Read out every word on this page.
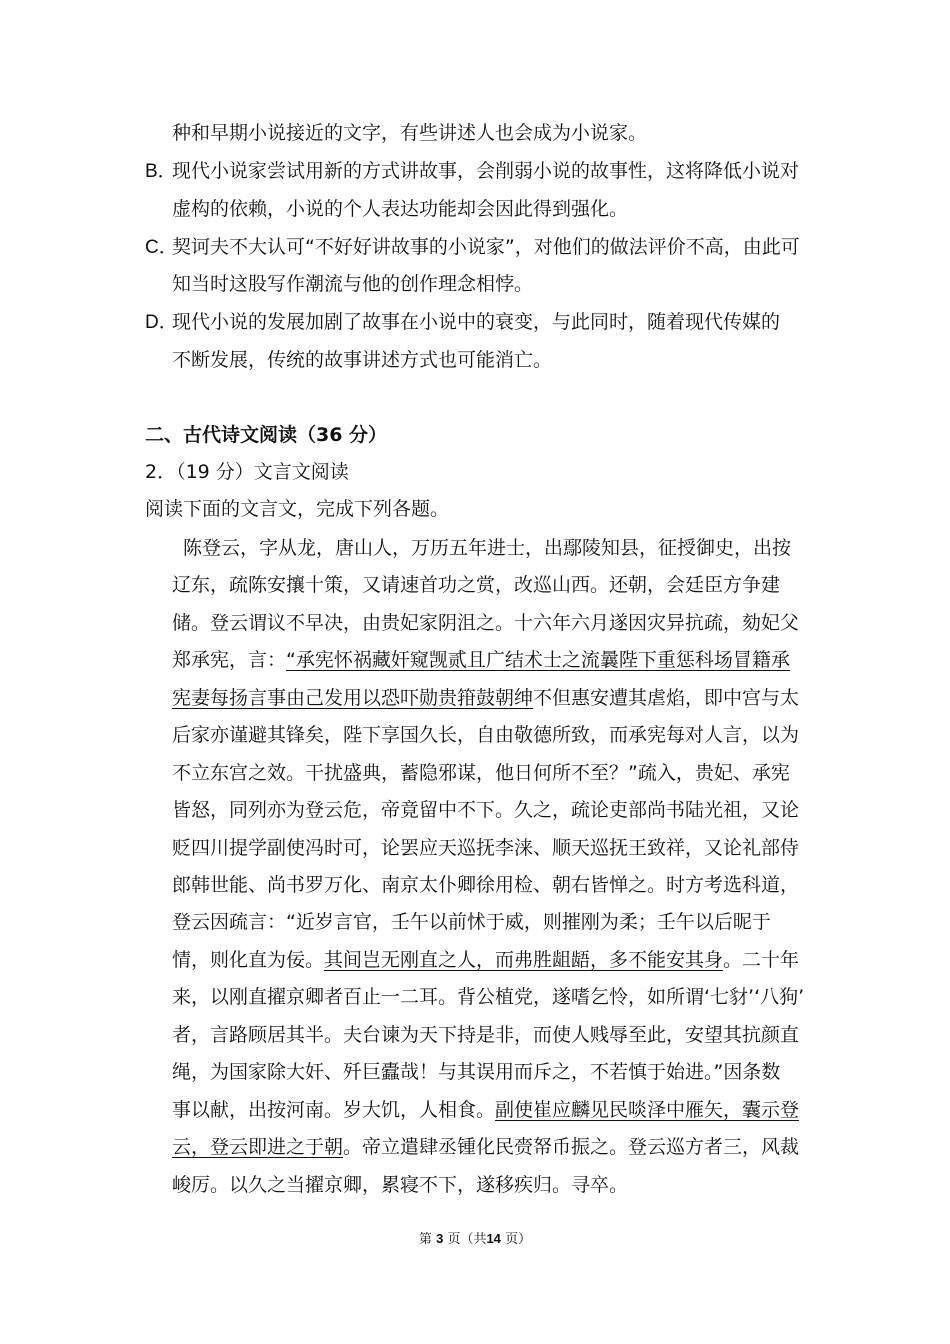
种和早期小说接近的文字，有些讲述人也会成为小说家。
B．现代小说家尝试用新的方式讲故事，会削弱小说的故事性，这将降低小说对
虚构的依赖，小说的个人表达功能却会因此得到强化。
C．契诃夫不大认可“不好好讲故事的小说家”，对他们的做法评价不高，由此可
知当时这股写作潮流与他的创作理念相悖。
D．现代小说的发展加剧了故事在小说中的衰变，与此同时，随着现代传媒的
不断发展，传统的故事讲述方式也可能消亡。
二、古代诗文阅读（36 分）
2．（19 分）文言文阅读
阅读下面的文言文，完成下列各题。
陈登云，字从龙，唐山人，万历五年进士，出鄢陵知县，征授御史，出按
辽东，疏陈安攘十策，又请速首功之赏，改巡山西。还朝，会廷臣方争建
储。登云谓议不早决，由贵妃家阴沮之。十六年六月遂因灾异抗疏，劾妃父
郑承宪，言：“承宪怀祸藏奸窥觊贰且广结术士之流曩陛下重惩科场冒籍承
宪妻每扬言事由己发用以恐吓勋贵箝鼓朝绅不但惠安遭其虐焰，即中宫与太
后家亦谨避其锋矣，陛下享国久长，自由敬德所致，而承宪每对人言，以为
不立东宫之效。干扰盛典，蓄隐邪谋，他日何所不至？”疏入，贵妃、承宪
皆怒，同列亦为登云危，帝竟留中不下。久之，疏论吏部尚书陆光祖，又论
贬四川提学副使冯时可，论罢应天巡抚李涞、顺天巡抚王致祥，又论礼部侍
郎韩世能、尚书罗万化、南京太仆卿徐用检、朝右皆惮之。时方考选科道，
登云因疏言：“近岁言官，壬午以前怵于威，则摧刚为柔；壬午以后昵于
情，则化直为佞。其间岂无刚直之人，而弗胜龃龉，多不能安其身。二十年
来，以刚直擢京卿者百止一二耳。背公植党，遂嗜乞怜，如所谓‘七豺’‘八狗’
者，言路顾居其半。夫台谏为天下持是非，而使人贱辱至此，安望其抗颜直
绳，为国家除大奸、歼巨蠹哉！与其误用而斥之，不若慎于始进。”因条数
事以献，出按河南。岁大饥，人相食。副使崔应麟见民啖泽中雁矢，囊示登
云，登云即进之于朝。帝立遣肆丞锺化民赍帑币振之。登云巡方者三，风裁
峻厉。以久之当擢京卿，累寝不下，遂移疾归。寻卒。
第 3 页（共14 页）
